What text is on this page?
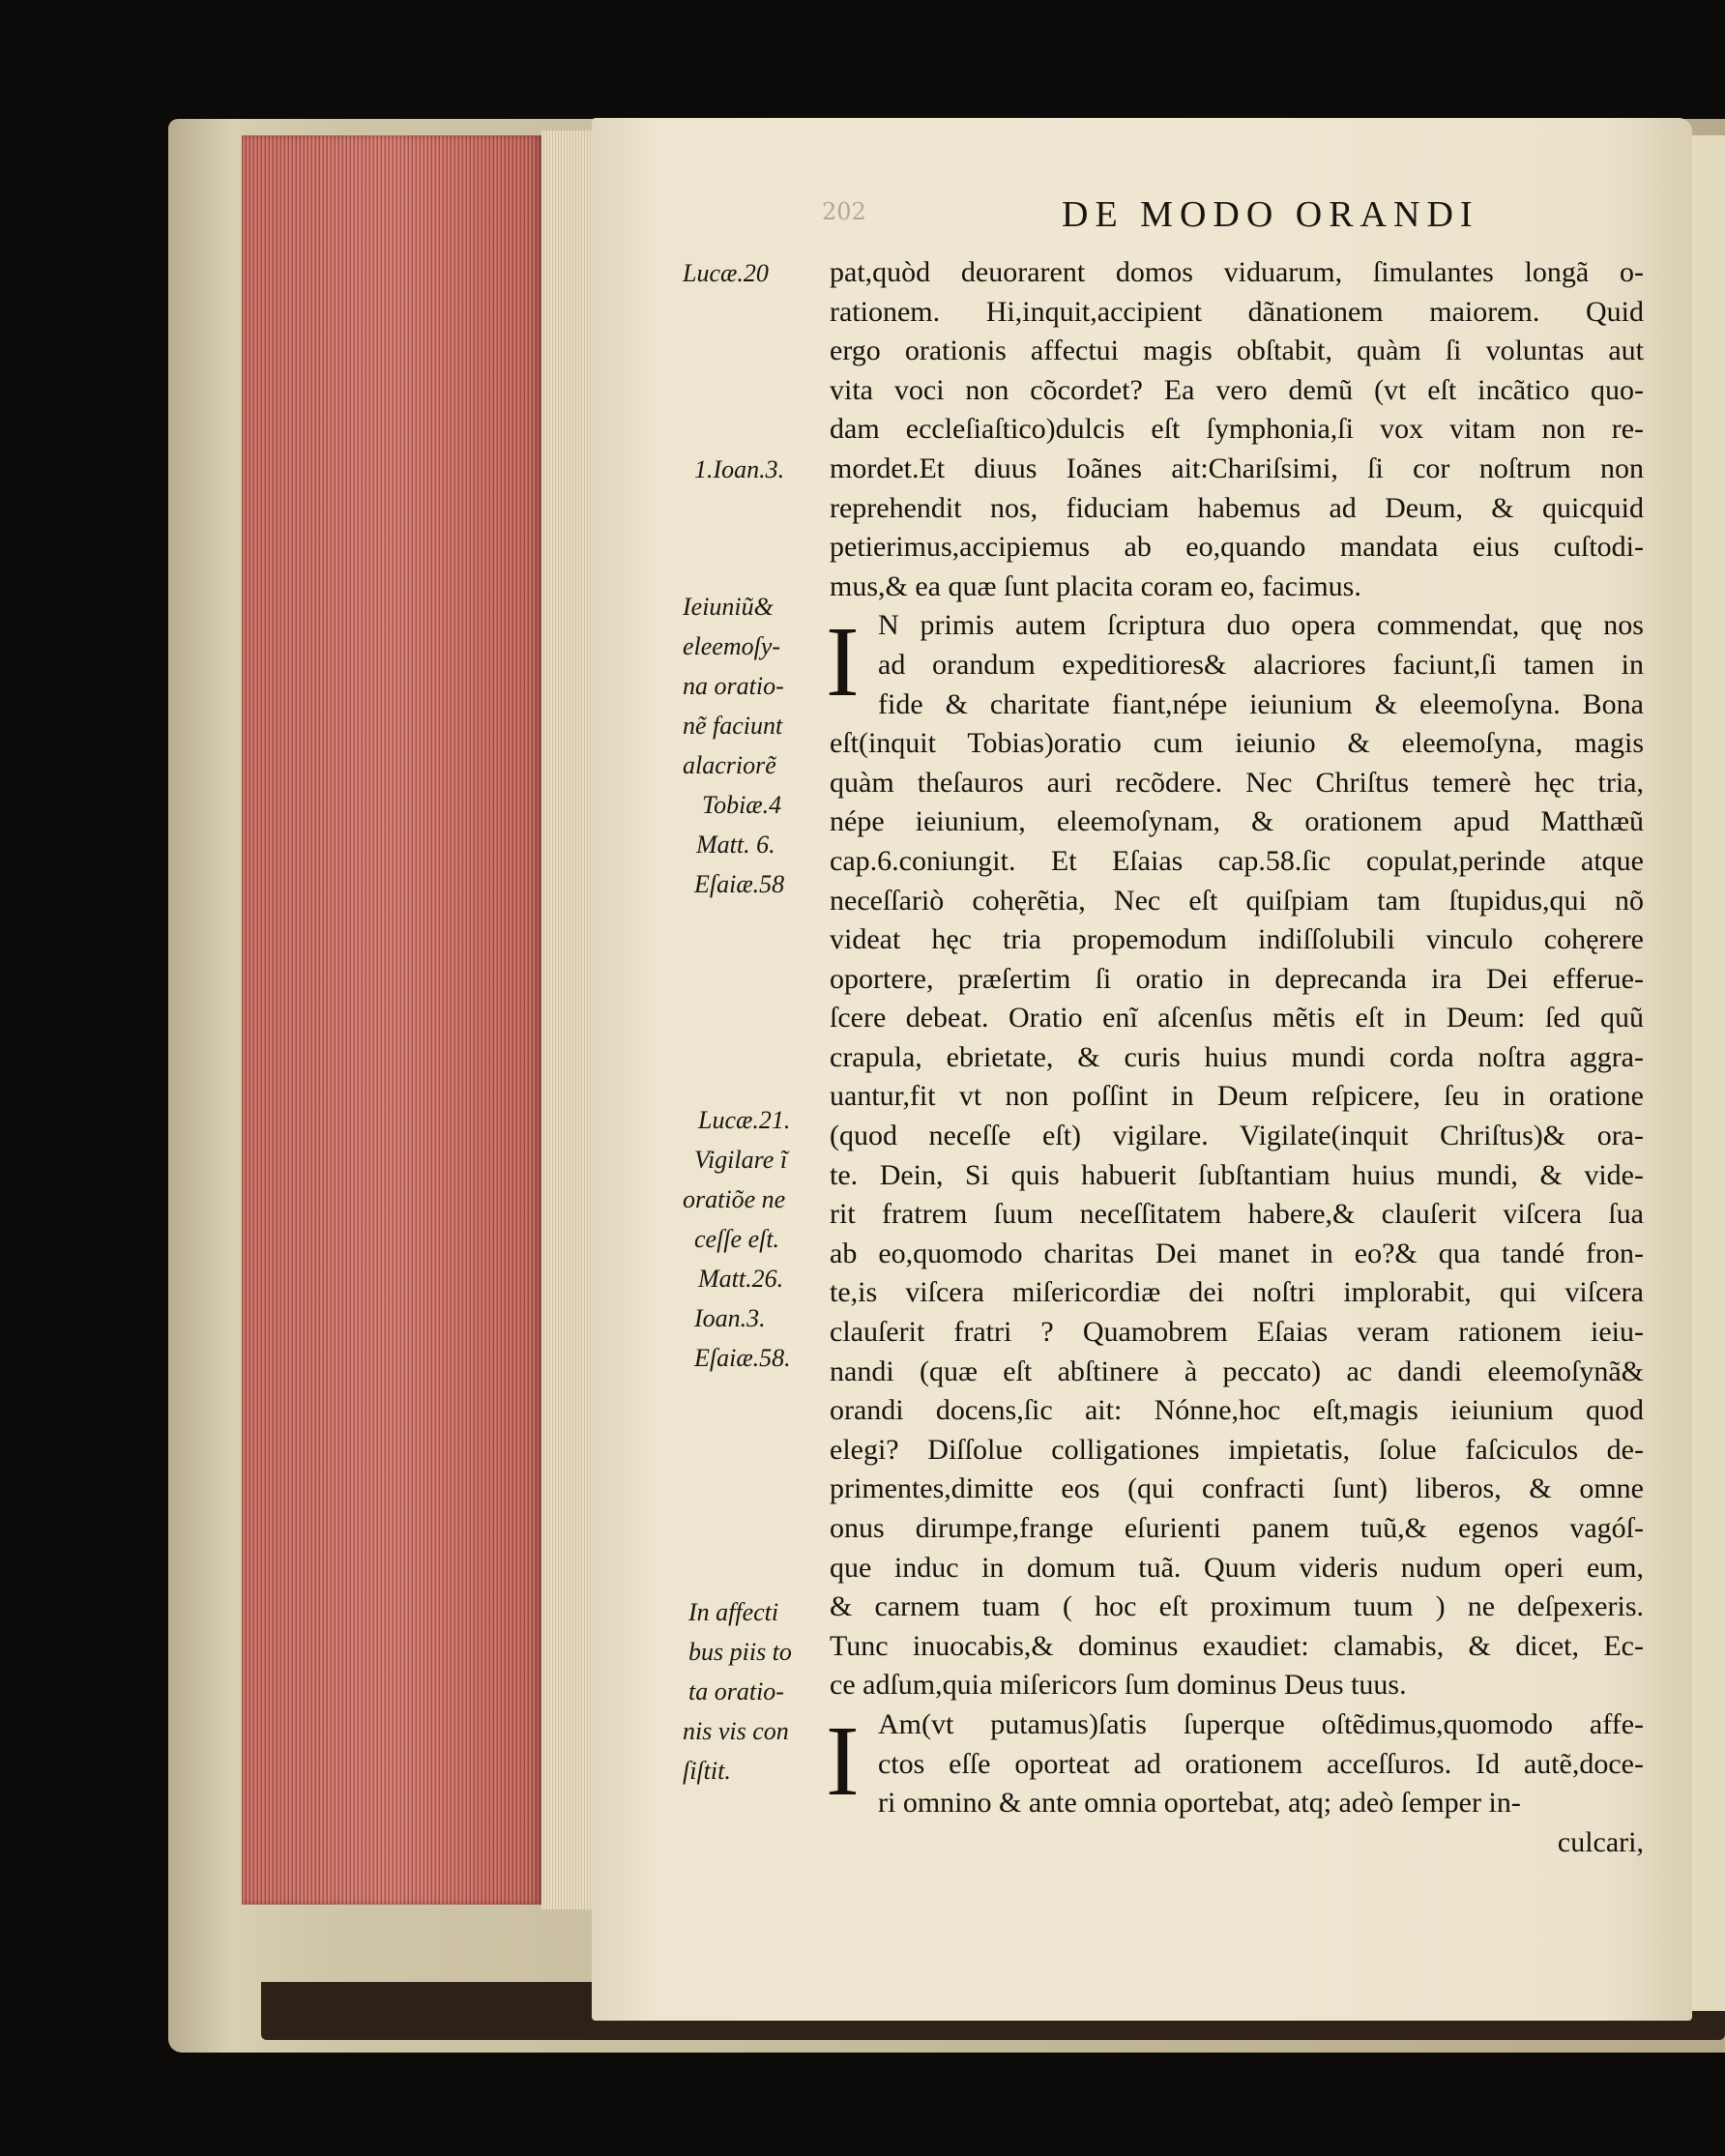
202	DE MODO ORANDI
Lucæ.20
1.Ioan.3.
Ieiuniũ&
eleemoſy-
na oratio-
nẽ faciunt
alacriorẽ
Tobiæ.4
Matt. 6.
Eſaiæ.58
Lucæ.21.
Vigilare ĩ
oratiõe ne
ceſſe eſt.
Matt.26.
Ioan.3.
Eſaiæ.58.
In affecti
bus piis to
ta oratio-
nis vis con
ſiſtit.
pat,quòd deuorarent domos viduarum, ſimulantes longã o-
rationem. Hi,inquit,accipient dãnationem maiorem. Quid
ergo orationis affectui magis obſtabit, quàm ſi voluntas aut
vita voci non cõcordet? Ea vero demũ (vt eſt incãtico quo-
dam eccleſiaſtico)dulcis eſt ſymphonia,ſi vox vitam non re-
mordet.Et diuus Ioãnes ait:Chariſsimi, ſi cor noſtrum non
reprehendit nos, fiduciam habemus ad Deum, & quicquid
petierimus,accipiemus ab eo,quando mandata eius cuſtodi-
mus,& ea quæ ſunt placita coram eo, facimus.
I N primis autem ſcriptura duo opera commendat, quę nos
ad orandum expeditiores& alacriores faciunt,ſi tamen in
fide & charitate fiant,népe ieiunium & eleemoſyna. Bona
eſt(inquit Tobias)oratio cum ieiunio & eleemoſyna, magis
quàm theſauros auri recõdere. Nec Chriſtus temerè hęc tria,
népe ieiunium, eleemoſynam, & orationem apud Matthæũ
cap.6.coniungit. Et Eſaias cap.58.ſic copulat,perinde atque
neceſſariò cohęrẽtia, Nec eſt quiſpiam tam ſtupidus,qui nõ
videat hęc tria propemodum indiſſolubili vinculo cohęrere
oportere, præſertim ſi oratio in deprecanda ira Dei efferue-
ſcere debeat. Oratio enĩ aſcenſus mẽtis eſt in Deum: ſed quũ
crapula, ebrietate, & curis huius mundi corda noſtra aggra-
uantur,fit vt non poſſint in Deum reſpicere, ſeu in oratione
(quod neceſſe eſt) vigilare. Vigilate(inquit Chriſtus)& ora-
te. Dein, Si quis habuerit ſubſtantiam huius mundi, & vide-
rit fratrem ſuum neceſſitatem habere,& clauſerit viſcera ſua
ab eo,quomodo charitas Dei manet in eo?& qua tandé fron-
te,is viſcera miſericordiæ dei noſtri implorabit, qui viſcera
clauſerit fratri ? Quamobrem Eſaias veram rationem ieiu-
nandi (quæ eſt abſtinere à peccato) ac dandi eleemoſynã&
orandi docens,ſic ait: Nónne,hoc eſt,magis ieiunium quod
elegi? Diſſolue colligationes impietatis, ſolue faſciculos de-
primentes,dimitte eos (qui confracti ſunt) liberos, & omne
onus dirumpe,frange eſurienti panem tuũ,& egenos vagóſ-
que induc in domum tuã. Quum videris nudum operi eum,
& carnem tuam ( hoc eſt proximum tuum ) ne deſpexeris.
Tunc inuocabis,& dominus exaudiet: clamabis, & dicet, Ec-
ce adſum,quia miſericors ſum dominus Deus tuus.
I Am(vt putamus)ſatis ſuperque oſtẽdimus,quomodo affe-
ctos eſſe oporteat ad orationem acceſſuros. Id autẽ,doce-
ri omnino & ante omnia oportebat, atq; adeò ſemper in-
culcari,
